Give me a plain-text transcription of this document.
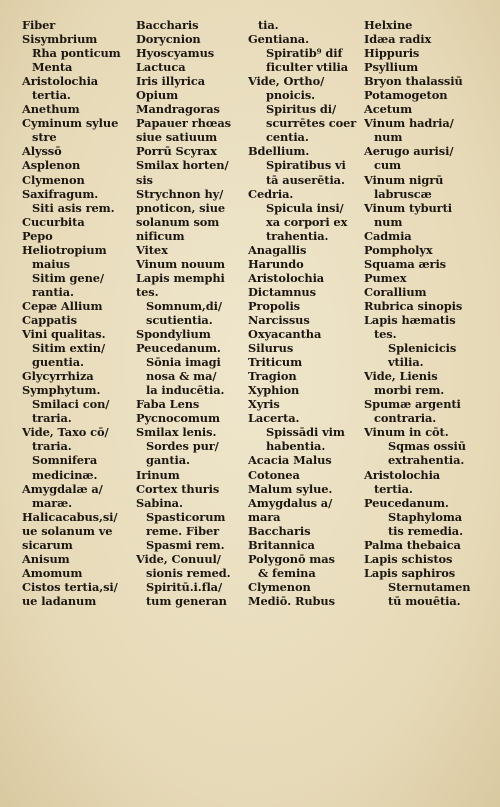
Fiber
Sisymbrium
Rha ponticum
Menta
Aristolochia
tertia.
Anethum
Cyminum sylue
stre
Alyssō
Asplenon
Clymenon
Saxifragum.
Siti asis rem.
Cucurbita
Pepo
Heliotropium
maius
Sitim gene/
rantia.
Cepæ Allium
Cappatis
Vini qualitas.
Sitim extin/
guentia.
Glycyrrhiza
Symphytum.
Smilaci con/
traria.
Vide, Taxo cō/
traria.
Somnifera
medicinæ.
Amygdalæ a/
maræ.
Halicacabus,si/
ue solanum ve
sicarum
Anisum
Amomum
Cistos tertia,si/
ue ladanum
Baccharis
Dorycnion
Hyoscyamus
Lactuca
Iris illyrica
Opium
Mandragoras
Papauer rhœas
siue satiuum
Porrū Scyrax
Smilax horten/
sis
Strychnon hy/
pnoticon, siue
solanum som
nificum
Vitex
Vinum nouum
Lapis memphi
tes.
Somnum,di/
scutientia.
Spondylium
Peucedanum.
Sōnia imagi
nosa & ma/
la inducētia.
Faba Lens
Pycnocomum
Smilax lenis.
Sordes pur/
gantia.
Irinum
Cortex thuris
Sabina.
Spasticorum
reme. Fiber
Spasmi rem.
Vide, Conuul/
sionis remed.
Spiritū.i.fla/
tum generan
tia.
Gentiana.
Spiratib⁹ dif
ficulter vtilia
Vide, Ortho/
pnoicis.
Spiritus di/
scurrētes coer
centia.
Bdellium.
Spiratibus vi
tā auserētia.
Cedria.
Spicula insi/
xa corpori ex
trahentia.
Anagallis
Harundo
Aristolochia
Dictamnus
Propolis
Narcissus
Oxyacantha
Silurus
Triticum
Tragion
Xyphion
Xyris
Lacerta.
Spissādi vim
habentia.
Acacia Malus
Cotonea
Malum sylue.
Amygdalus a/
mara
Baccharis
Britannica
Polygonō mas
& femina
Clymenon
Mediō. Rubus
Helxine
Idæa radix
Hippuris
Psyllium
Bryon thalassiū
Potamogeton
Acetum
Vinum hadria/
num
Aerugo aurisi/
cum
Vinum nigrū
labruscæ
Vinum tyburti
num
Cadmia
Pompholyx
Squama æris
Pumex
Corallium
Rubrica sinopis
Lapis hæmatis
tes.
Splenicicis
vtilia.
Vide, Lienis
morbi rem.
Spumæ argenti
contraria.
Vinum in cōt.
Sqmas ossiū
extrahentia.
Aristolochia
tertia.
Peucedanum.
Staphyloma
tis remedia.
Palma thebaica
Lapis schistos
Lapis saphiros
Sternutamen
tū mouētia.
